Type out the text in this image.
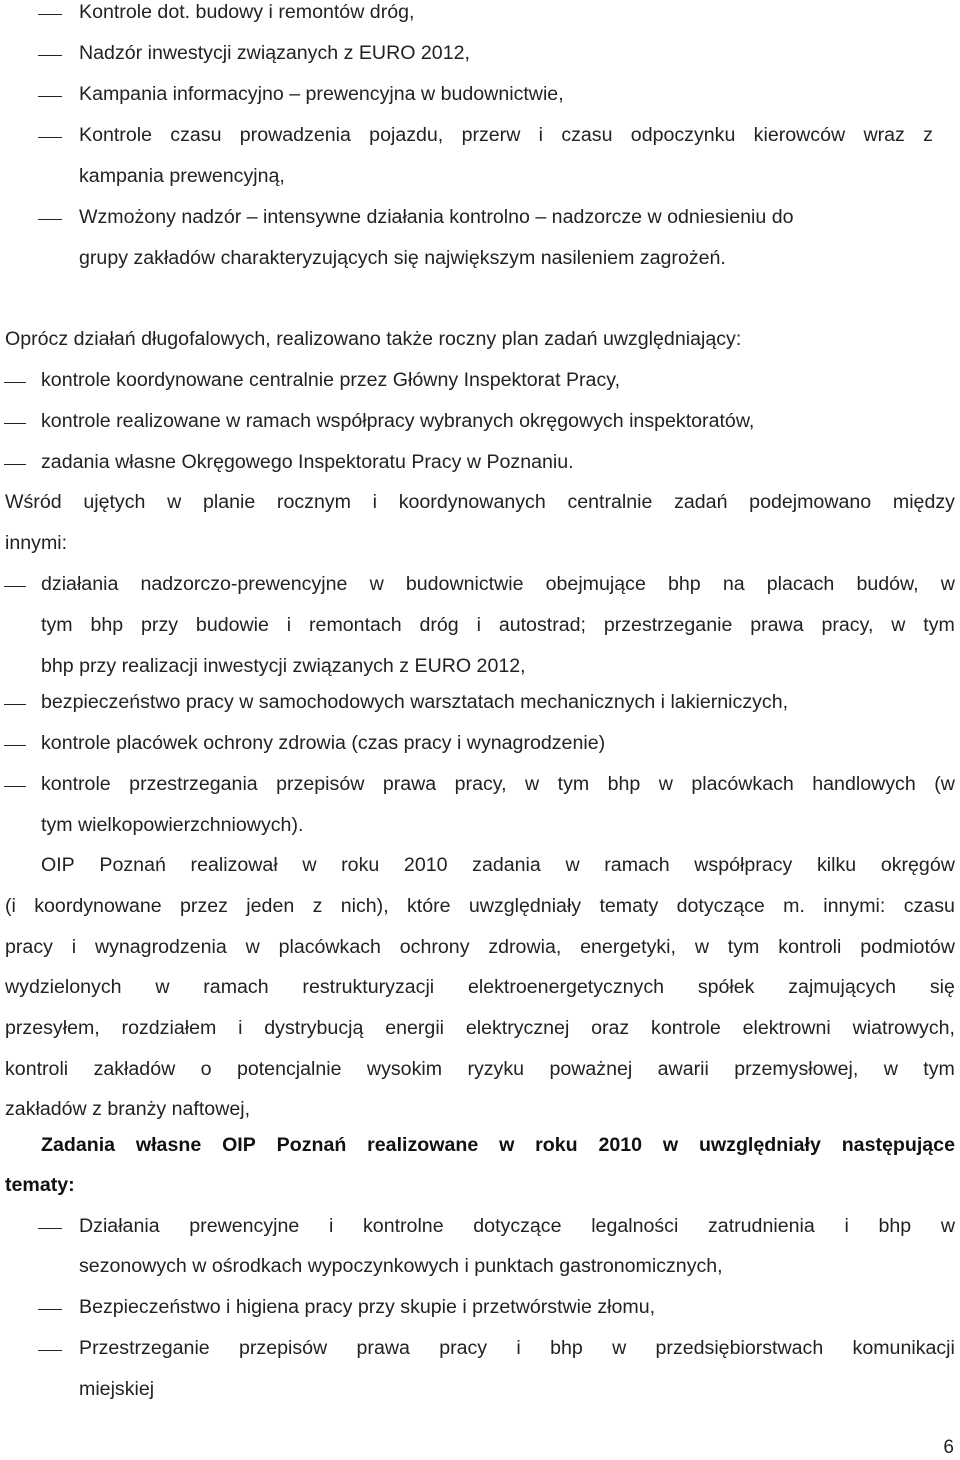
Kontrole dot. budowy i remontów dróg,
Nadzór inwestycji związanych z EURO 2012,
Kampania informacyjno – prewencyjna w budownictwie,
Kontrole czasu prowadzenia pojazdu, przerw i czasu odpoczynku kierowców wraz z
kampania prewencyjną,
Wzmożony nadzór – intensywne działania kontrolno – nadzorcze w odniesieniu do
grupy zakładów charakteryzujących się największym nasileniem zagrożeń.
Oprócz działań długofalowych, realizowano także roczny plan zadań uwzględniający:
kontrole koordynowane centralnie przez Główny Inspektorat Pracy,
kontrole realizowane w ramach współpracy wybranych okręgowych inspektoratów,
zadania własne Okręgowego Inspektoratu Pracy w Poznaniu.
Wśród ujętych w planie rocznym i koordynowanych centralnie zadań podejmowano między
innymi:
działania nadzorczo-prewencyjne w budownictwie obejmujące bhp na placach budów, w
tym bhp przy budowie i remontach dróg i autostrad; przestrzeganie prawa pracy, w tym
bhp przy realizacji inwestycji związanych z EURO 2012,
bezpieczeństwo pracy w samochodowych warsztatach mechanicznych i lakierniczych,
kontrole placówek ochrony zdrowia (czas pracy i wynagrodzenie)
kontrole przestrzegania przepisów prawa pracy, w tym bhp w placówkach handlowych (w
tym wielkopowierzchniowych).
OIP Poznań realizował w roku 2010 zadania w ramach współpracy kilku okręgów
(i koordynowane przez jeden z nich), które uwzględniały tematy dotyczące m. innymi: czasu
pracy i wynagrodzenia w placówkach ochrony zdrowia, energetyki, w tym kontroli podmiotów
wydzielonych w ramach restrukturyzacji elektroenergetycznych spółek zajmujących się
przesyłem, rozdziałem i dystrybucją energii elektrycznej oraz kontrole elektrowni wiatrowych,
kontroli zakładów o potencjalnie wysokim ryzyku poważnej awarii przemysłowej, w tym
zakładów z branży naftowej,
Zadania własne OIP Poznań realizowane w roku 2010 w uwzględniały następujące
tematy:
Działania prewencyjne i kontrolne dotyczące legalności zatrudnienia i bhp w
sezonowych w ośrodkach wypoczynkowych i punktach gastronomicznych,
Bezpieczeństwo i higiena pracy przy skupie i przetwórstwie złomu,
Przestrzeganie przepisów prawa pracy i bhp w przedsiębiorstwach komunikacji
miejskiej
6
